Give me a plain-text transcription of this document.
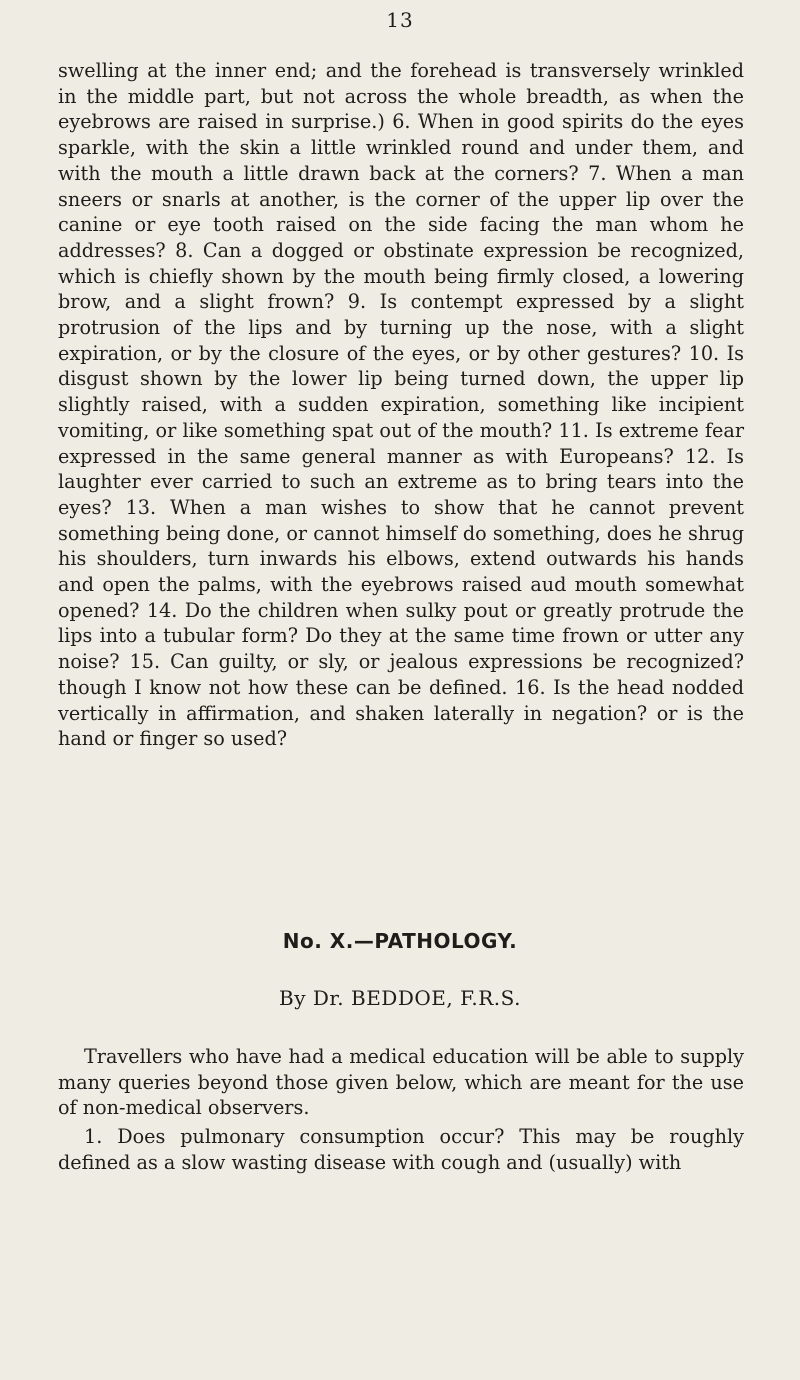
13

swelling at the inner end; and the forehead is transversely wrinkled in the middle part, but not across the whole breadth, as when the eyebrows are raised in surprise.) 6. When in good spirits do the eyes sparkle, with the skin a little wrinkled round and under them, and with the mouth a little drawn back at the corners? 7. When a man sneers or snarls at another, is the corner of the upper lip over the canine or eye tooth raised on the side facing the man whom he addresses? 8. Can a dogged or obstinate expression be recognized, which is chiefly shown by the mouth being firmly closed, a lowering brow, and a slight frown? 9. Is contempt expressed by a slight protrusion of the lips and by turning up the nose, with a slight expiration, or by the closure of the eyes, or by other gestures? 10. Is disgust shown by the lower lip being turned down, the upper lip slightly raised, with a sudden expiration, something like incipient vomiting, or like something spat out of the mouth? 11. Is extreme fear expressed in the same general manner as with Europeans? 12. Is laughter ever carried to such an extreme as to bring tears into the eyes? 13. When a man wishes to show that he cannot prevent something being done, or cannot himself do something, does he shrug his shoulders, turn inwards his elbows, extend outwards his hands and open the palms, with the eyebrows raised aud mouth somewhat opened? 14. Do the children when sulky pout or greatly protrude the lips into a tubular form? Do they at the same time frown or utter any noise? 15. Can guilty, or sly, or jealous expressions be recognized? though I know not how these can be defined. 16. Is the head nodded vertically in affirmation, and shaken laterally in negation? or is the hand or finger so used?

No. X.—PATHOLOGY.
By Dr. BEDDOE, F.R.S.

Travellers who have had a medical education will be able to supply many queries beyond those given below, which are meant for the use of non-medical observers.

1. Does pulmonary consumption occur? This may be roughly defined as a slow wasting disease with cough and (usually) with
